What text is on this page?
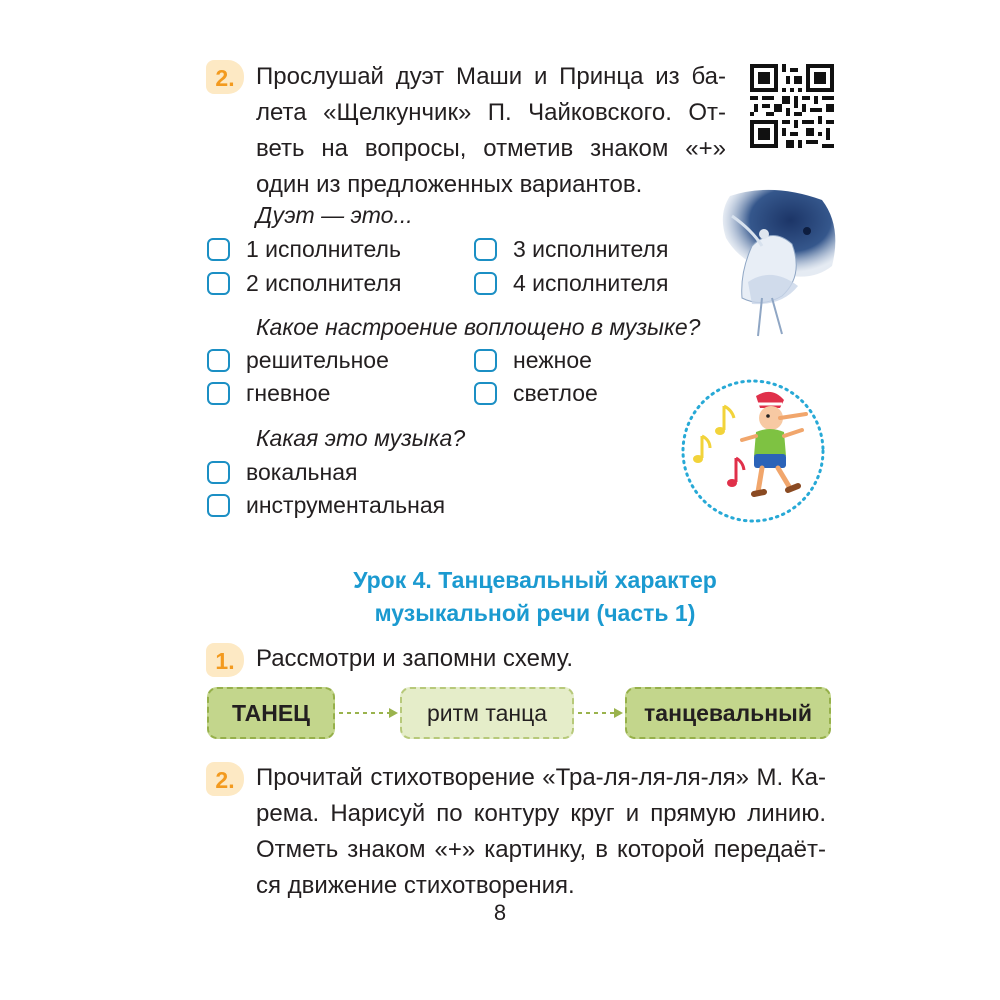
2. Прослушай дуэт Маши и Принца из ба-
лета «Щелкунчик» П. Чайковского. От-
веть на вопросы, отметив знаком «+»
один из предложенных вариантов.
Дуэт — это...
1 исполнитель	3 исполнителя
2 исполнителя	4 исполнителя
Какое настроение воплощено в музыке?
решительное	нежное
гневное	светлое
Какая это музыка?
вокальная
инструментальная
Урок 4. Танцевальный характер
музыкальной речи (часть 1)
1. Рассмотри и запомни схему.
ТАНЕЦ	ритм танца	танцевальный
2. Прочитай стихотворение «Тра-ля-ля-ля-ля» М. Ка-
рема. Нарисуй по контуру круг и прямую линию.
Отметь знаком «+» картинку, в которой передаёт-
ся движение стихотворения.
8
